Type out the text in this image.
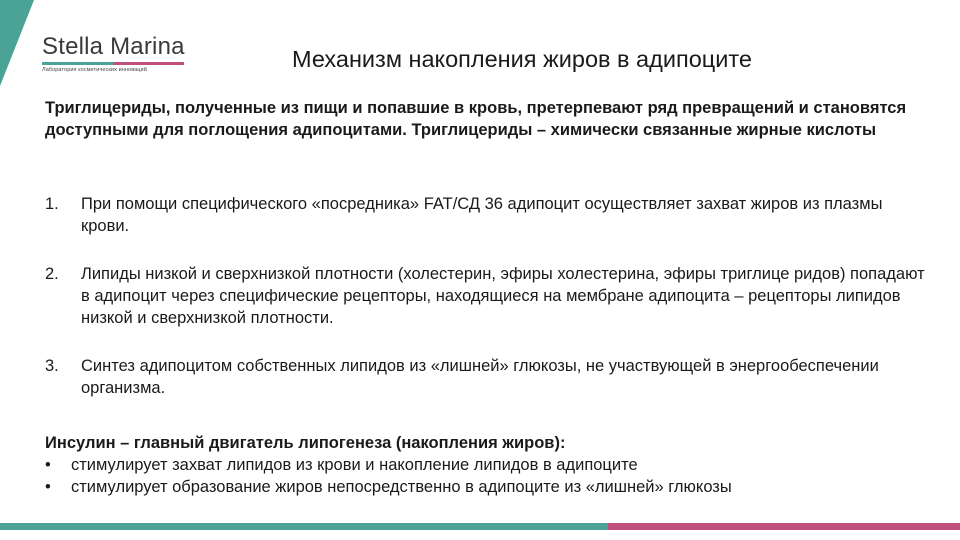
Stella Marina
Лаборатория косметических инноваций	Механизм накопления жиров в адипоците
Триглицериды, полученные из пищи и попавшие в кровь, претерпевают ряд превращений и становятся доступными для поглощения адипоцитами. Триглицериды – химически связанные жирные кислоты
1. При помощи специфического «посредника» FAT/СД 36 адипоцит осуществляет захват жиров из плазмы крови.
2. Липиды низкой и сверхнизкой плотности (холестерин, эфиры холестерина, эфиры триглице ридов) попадают в адипоцит через специфические рецепторы, находящиеся на мембране адипоцита – рецепторы липидов низкой и сверхнизкой плотности.
3. Синтез адипоцитом собственных липидов из «лишней» глюкозы, не участвующей в энергообеспечении организма.
Инсулин – главный двигатель липогенеза (накопления жиров):
• стимулирует захват липидов из крови и накопление липидов в адипоците
• стимулирует образование жиров непосредственно в адипоците из «лишней» глюкозы
